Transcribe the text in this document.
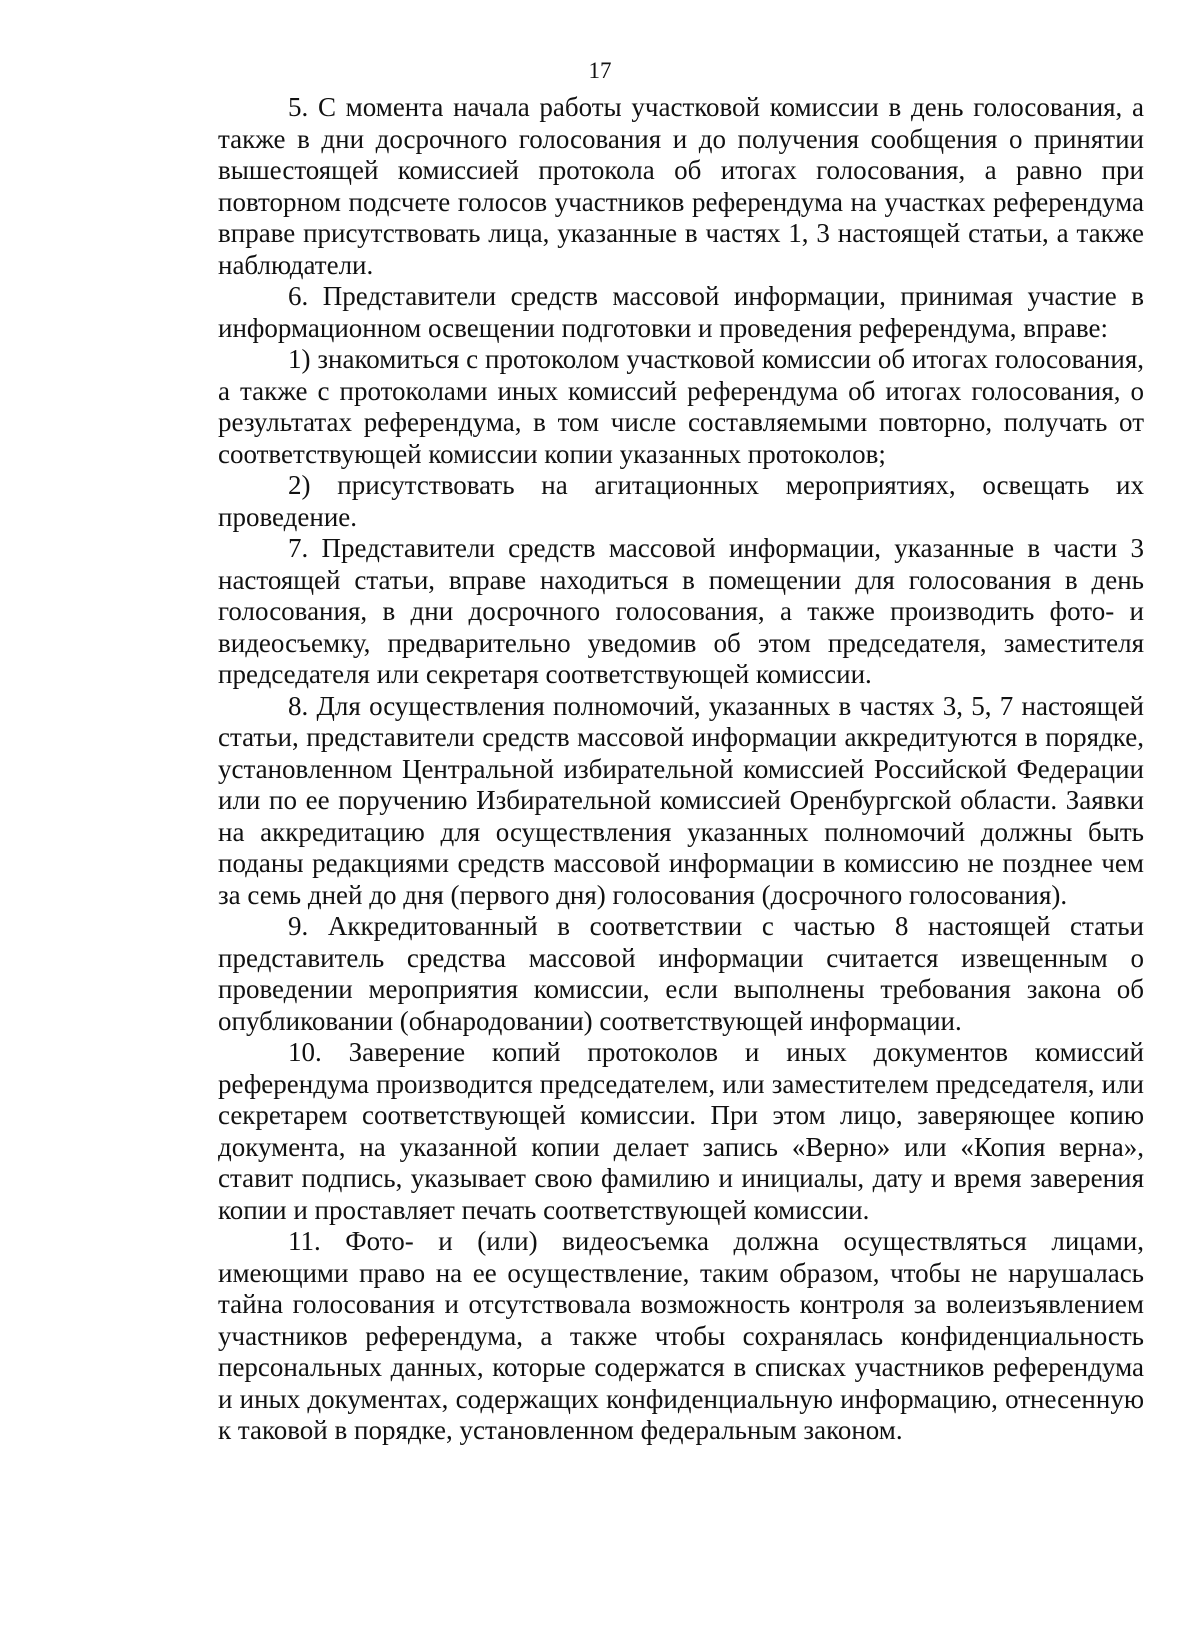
17

5. С момента начала работы участковой комиссии в день голосования, а также в дни досрочного голосования и до получения сообщения о принятии вышестоящей комиссией протокола об итогах голосования, а равно при повторном подсчете голосов участников референдума на участках референдума вправе присутствовать лица, указанные в частях 1, 3 настоящей статьи, а также наблюдатели.

6. Представители средств массовой информации, принимая участие в информационном освещении подготовки и проведения референдума, вправе:

1) знакомиться с протоколом участковой комиссии об итогах голосования, а также с протоколами иных комиссий референдума об итогах голосования, о результатах референдума, в том числе составляемыми повторно, получать от соответствующей комиссии копии указанных протоколов;

2) присутствовать на агитационных мероприятиях, освещать их проведение.

7. Представители средств массовой информации, указанные в части 3 настоящей статьи, вправе находиться в помещении для голосования в день голосования, в дни досрочного голосования, а также производить фото- и видеосъемку, предварительно уведомив об этом председателя, заместителя председателя или секретаря соответствующей комиссии.

8. Для осуществления полномочий, указанных в частях 3, 5, 7 настоящей статьи, представители средств массовой информации аккредитуются в порядке, установленном Центральной избирательной комиссией Российской Федерации или по ее поручению Избирательной комиссией Оренбургской области. Заявки на аккредитацию для осуществления указанных полномочий должны быть поданы редакциями средств массовой информации в комиссию не позднее чем за семь дней до дня (первого дня) голосования (досрочного голосования).

9. Аккредитованный в соответствии с частью 8 настоящей статьи представитель средства массовой информации считается извещенным о проведении мероприятия комиссии, если выполнены требования закона об опубликовании (обнародовании) соответствующей информации.

10. Заверение копий протоколов и иных документов комиссий референдума производится председателем, или заместителем председателя, или секретарем соответствующей комиссии. При этом лицо, заверяющее копию документа, на указанной копии делает запись «Верно» или «Копия верна», ставит подпись, указывает свою фамилию и инициалы, дату и время заверения копии и проставляет печать соответствующей комиссии.

11. Фото- и (или) видеосъемка должна осуществляться лицами, имеющими право на ее осуществление, таким образом, чтобы не нарушалась тайна голосования и отсутствовала возможность контроля за волеизъявлением участников референдума, а также чтобы сохранялась конфиденциальность персональных данных, которые содержатся в списках участников референдума и иных документах, содержащих конфиденциальную информацию, отнесенную к таковой в порядке, установленном федеральным законом.
